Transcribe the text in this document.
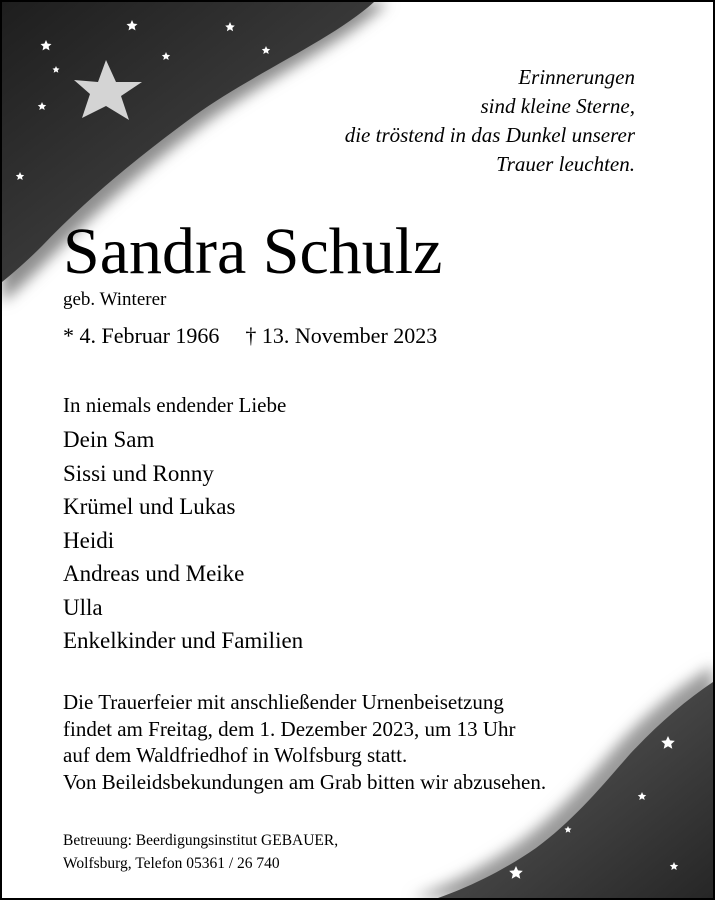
Erinnerungen
sind kleine Sterne,
die tröstend in das Dunkel unserer
Trauer leuchten.
Sandra Schulz
geb. Winterer
* 4. Februar 1966 † 13. November 2023
In niemals endender Liebe
Dein Sam
Sissi und Ronny
Krümel und Lukas
Heidi
Andreas und Meike
Ulla
Enkelkinder und Familien
Die Trauerfeier mit anschließender Urnenbeisetzung
findet am Freitag, dem 1. Dezember 2023, um 13 Uhr
auf dem Waldfriedhof in Wolfsburg statt.
Von Beileidsbekundungen am Grab bitten wir abzusehen.
Betreuung: Beerdigungsinstitut GEBAUER,
Wolfsburg, Telefon 05361 / 26 740
